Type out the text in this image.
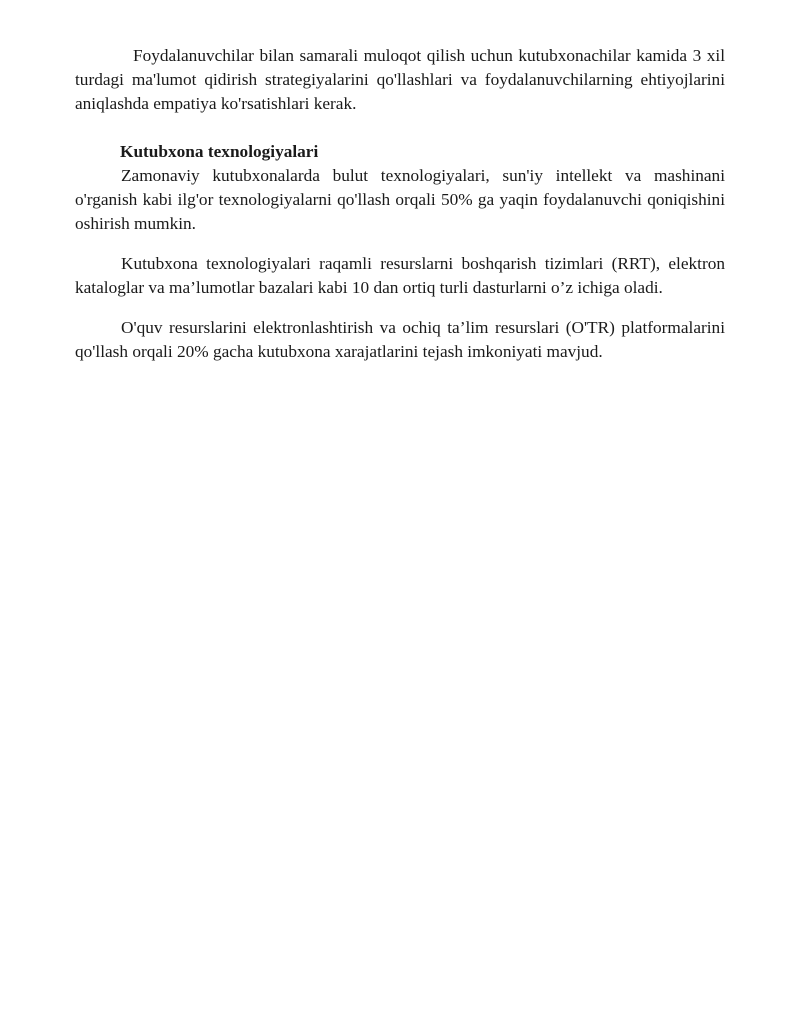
Foydalanuvchilar bilan samarali muloqot qilish uchun kutubxonachilar kamida 3 xil turdagi ma'lumot qidirish strategiyalarini qo'llashlari va foydalanuvchilarning ehtiyojlarini aniqlashda empatiya ko'rsatishlari kerak.

Kutubxona texnologiyalari

Zamonaviy kutubxonalarda bulut texnologiyalari, sun'iy intellekt va mashinani o'rganish kabi ilg'or texnologiyalarni qo'llash orqali 50% ga yaqin foydalanuvchi qoniqishini oshirish mumkin.

Kutubxona texnologiyalari raqamli resurslarni boshqarish tizimlari (RRT), elektron kataloglar va ma’lumotlar bazalari kabi 10 dan ortiq turli dasturlarni o’z ichiga oladi.

O'quv resurslarini elektronlashtirish va ochiq ta’lim resurslari (O'TR) platformalarini qo'llash orqali 20% gacha kutubxona xarajatlarini tejash imkoniyati mavjud.
